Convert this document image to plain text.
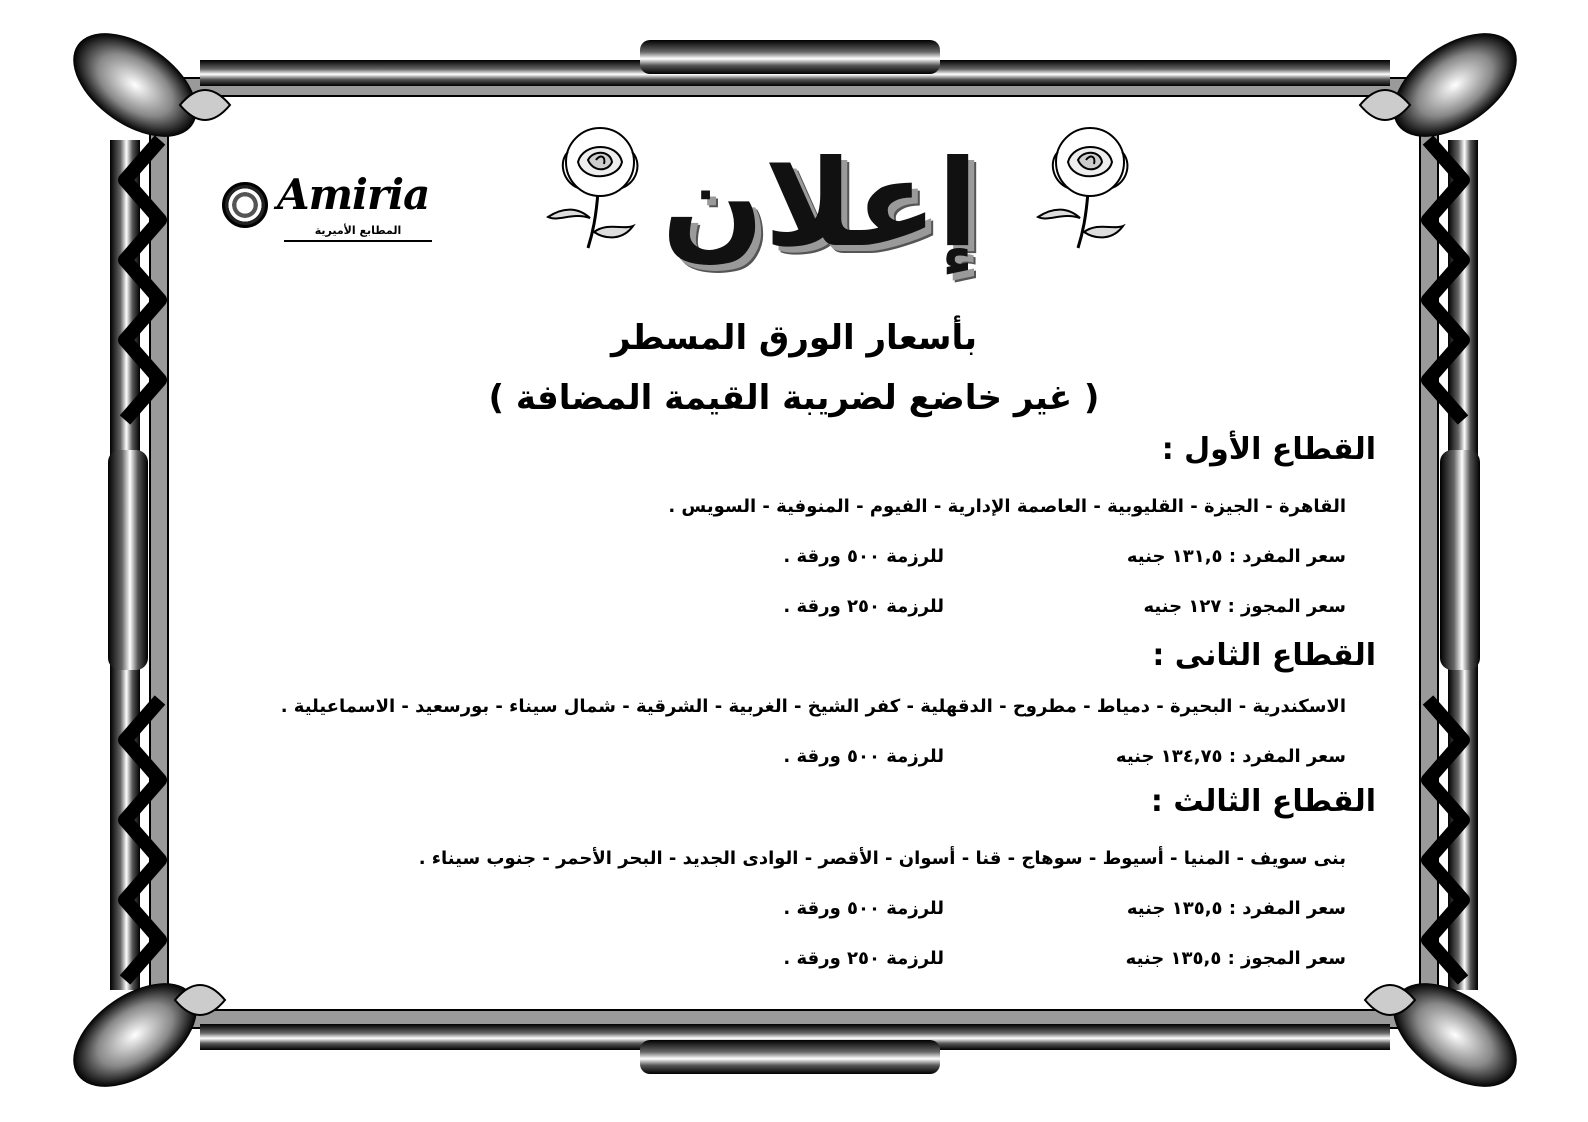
Amiria
المطابع الأميرية إعلان
بأسعار الورق المسطر
( غير خاضع لضريبة القيمة المضافة )
القطاع الأول :
القاهرة - الجيزة - القليوبية - العاصمة الإدارية - الفيوم - المنوفية - السويس .
سعر المفرد : ١٣١,٥ جنيه
للرزمة ٥٠٠ ورقة .
سعر المجوز : ١٢٧ جنيه
للرزمة ٢٥٠ ورقة .
القطاع الثانى :
الاسكندرية - البحيرة - دمياط - مطروح - الدقهلية - كفر الشيخ - الغربية - الشرقية - شمال سيناء - بورسعيد - الاسماعيلية .
سعر المفرد : ١٣٤,٧٥ جنيه
للرزمة ٥٠٠ ورقة .
القطاع الثالث :
بنى سويف - المنيا - أسيوط - سوهاج - قنا - أسوان - الأقصر - الوادى الجديد - البحر الأحمر - جنوب سيناء .
سعر المفرد : ١٣٥,٥ جنيه
للرزمة ٥٠٠ ورقة .
سعر المجوز : ١٣٥,٥ جنيه
للرزمة ٢٥٠ ورقة .
